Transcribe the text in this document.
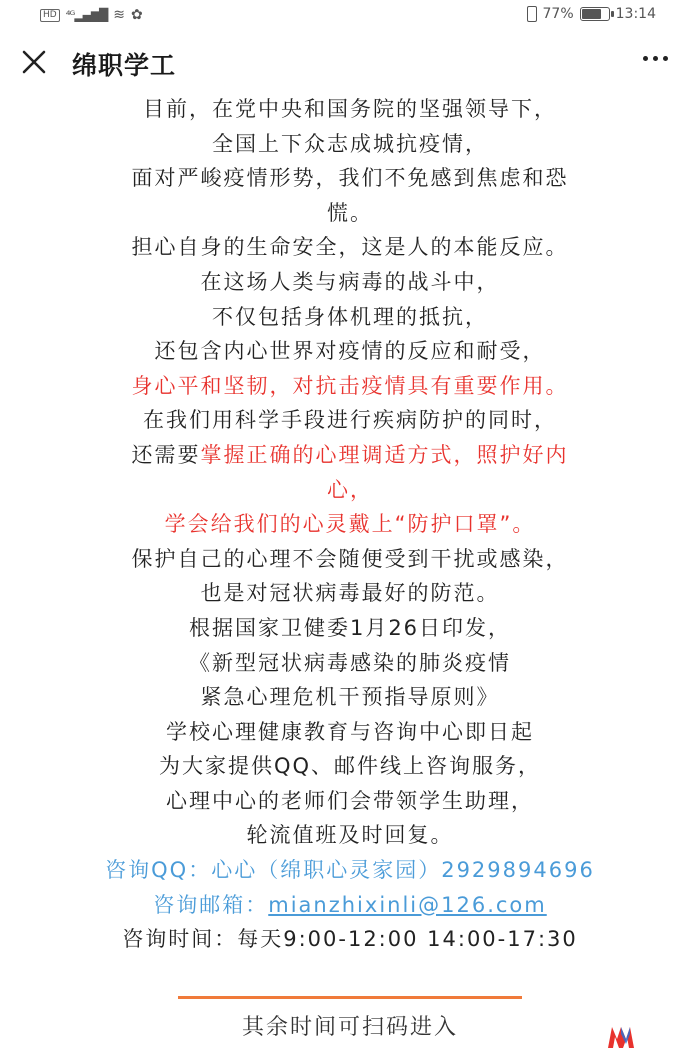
HD ⁴ᴳ▂▄▆█ ≋ ✿	77%	13:14
绵职学工

目前，在党中央和国务院的坚强领导下，

全国上下众志成城抗疫情，

面对严峻疫情形势，我们不免感到焦虑和恐

慌。

担心自身的生命安全，这是人的本能反应。

在这场人类与病毒的战斗中，

不仅包括身体机理的抵抗，

还包含内心世界对疫情的反应和耐受，

身心平和坚韧，对抗击疫情具有重要作用。

在我们用科学手段进行疾病防护的同时，

还需要掌握正确的心理调适方式，照护好内

心，

学会给我们的心灵戴上“防护口罩”。

保护自己的心理不会随便受到干扰或感染，

也是对冠状病毒最好的防范。

根据国家卫健委1月26日印发，

《新型冠状病毒感染的肺炎疫情

紧急心理危机干预指导原则》

学校心理健康教育与咨询中心即日起

为大家提供QQ、邮件线上咨询服务，

心理中心的老师们会带领学生助理，

轮流值班及时回复。

咨询QQ：心心（绵职心灵家园）2929894696

咨询邮箱：mianzhixinli@126.com

咨询时间：每天9:00-12:00 14:00-17:30

其余时间可扫码进入
